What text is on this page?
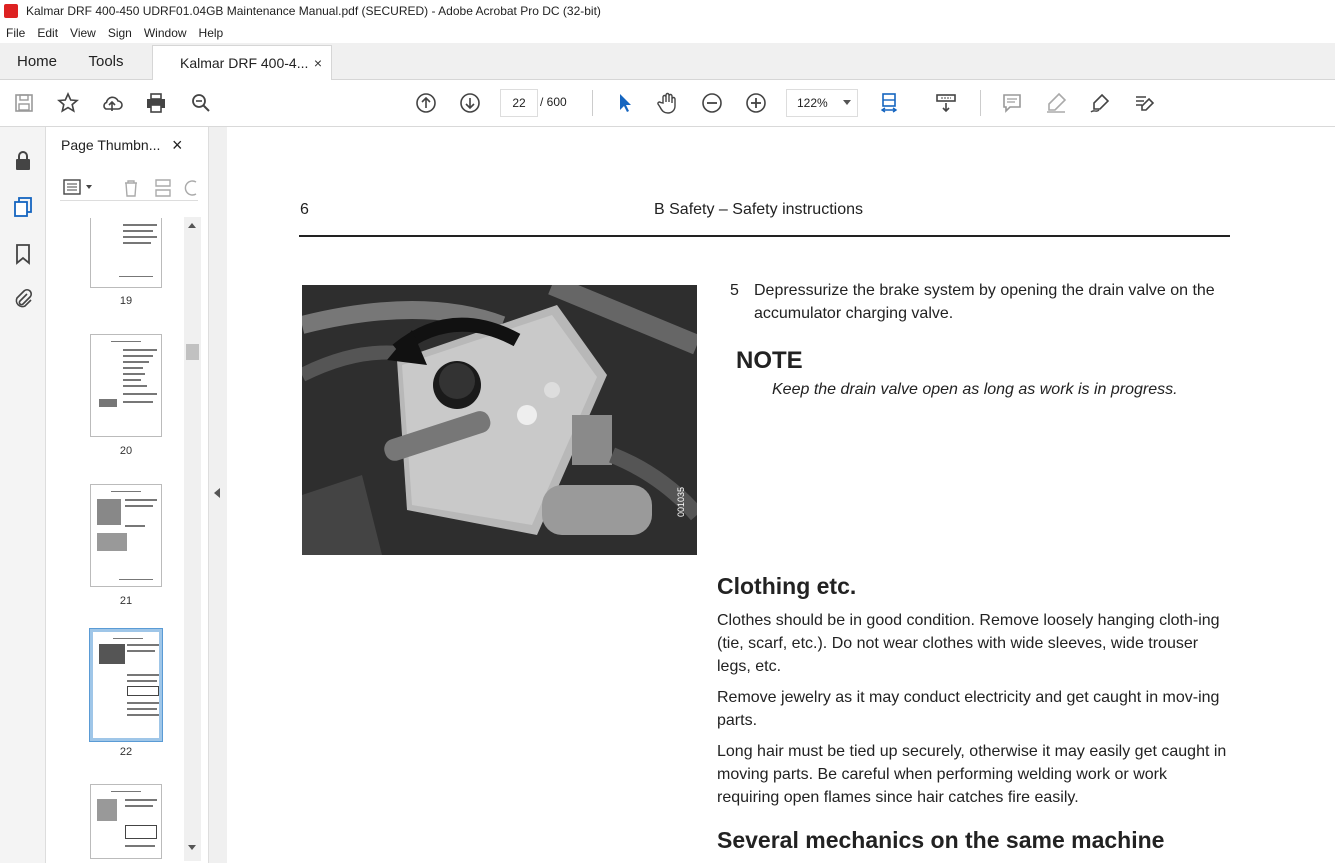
Kalmar DRF 400-450 UDRF01.04GB Maintenance Manual.pdf (SECURED) - Adobe Acrobat Pro DC (32-bit)
File	Edit	View	Sign	Window	Help
Home	Tools	Kalmar DRF 400-4... ×
22	/ 600	122%
Page Thumbn... ×
19
20
21
22
6	B Safety – Safety instructions
001035
5 Depressurize the brake system by opening the drain valve on the accumulator charging valve.
NOTE
Keep the drain valve open as long as work is in progress.
Clothing etc.
Clothes should be in good condition. Remove loosely hanging cloth-ing (tie, scarf, etc.). Do not wear clothes with wide sleeves, wide trouser legs, etc.
Remove jewelry as it may conduct electricity and get caught in mov-ing parts.
Long hair must be tied up securely, otherwise it may easily get caught in moving parts. Be careful when performing welding work or work requiring open flames since hair catches fire easily.
Several mechanics on the same machine
